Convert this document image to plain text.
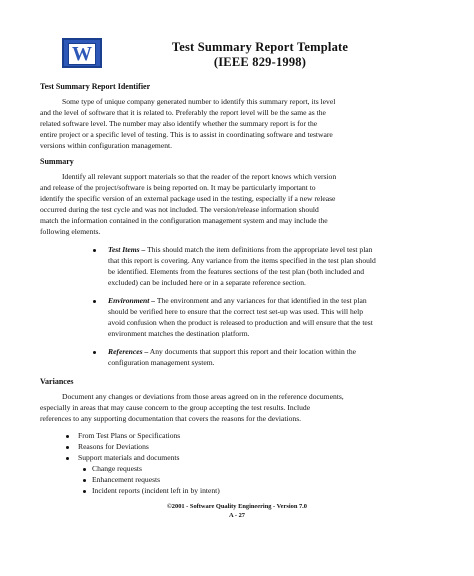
W	Test Summary Report Template
(IEEE 829-1998)
Test Summary Report Identifier
Some type of unique company generated number to identify this summary report, its level
and the level of software that it is related to. Preferably the report level will be the same as the
related software level. The number may also identify whether the summary report is for the
entire project or a specific level of testing. This is to assist in coordinating software and testware
versions within configuration management.
Summary
Identify all relevant support materials so that the reader of the report knows which version
and release of the project/software is being reported on. It may be particularly important to
identify the specific version of an external package used in the testing, especially if a new release
occurred during the test cycle and was not included. The version/release information should
match the information contained in the configuration management system and may include the
following elements.
Test Items – This should match the item definitions from the appropriate level test plan
that this report is covering. Any variance from the items specified in the test plan should
be identified. Elements from the features sections of the test plan (both included and
excluded) can be included here or in a separate reference section.
Environment – The environment and any variances for that identified in the test plan
should be verified here to ensure that the correct test set-up was used. This will help
avoid confusion when the product is released to production and will ensure that the test
environment matches the destination platform.
References – Any documents that support this report and their location within the
configuration management system.
Variances
Document any changes or deviations from those areas agreed on in the reference documents,
especially in areas that may cause concern to the group accepting the test results. Include
references to any supporting documentation that covers the reasons for the deviations.
From Test Plans or Specifications
Reasons for Deviations
Support materials and documents
Change requests
Enhancement requests
Incident reports (incident left in by intent)
©2001 - Software Quality Engineering - Version 7.0
A - 27
